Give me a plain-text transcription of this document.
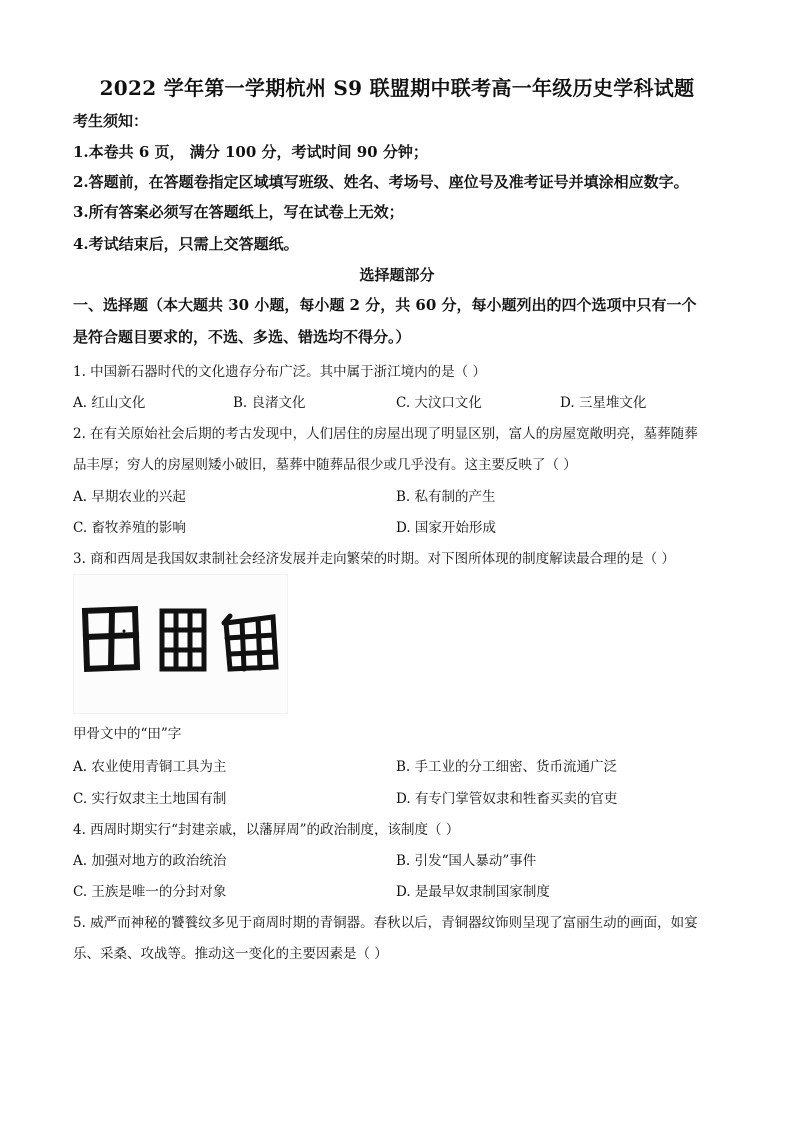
2022 学年第一学期杭州 S9 联盟期中联考高一年级历史学科试题
考生须知：
1.本卷共 6 页， 满分 100 分，考试时间 90 分钟；
2.答题前，在答题卷指定区域填写班级、姓名、考场号、座位号及准考证号并填涂相应数字。
3.所有答案必须写在答题纸上，写在试卷上无效；
4.考试结束后，只需上交答题纸。
选择题部分
一、选择题（本大题共 30 小题，每小题 2 分，共 60 分，每小题列出的四个选项中只有一个
是符合题目要求的，不选、多选、错选均不得分。）
1. 中国新石器时代的文化遗存分布广泛。其中属于浙江境内的是（ ）
A. 红山文化	B. 良渚文化	C. 大汶口文化	D. 三星堆文化
2. 在有关原始社会后期的考古发现中，人们居住的房屋出现了明显区别，富人的房屋宽敞明亮，墓葬随葬
品丰厚；穷人的房屋则矮小破旧，墓葬中随葬品很少或几乎没有。这主要反映了（ ）
A. 早期农业的兴起	B. 私有制的产生
C. 畜牧养殖的影响	D. 国家开始形成
3. 商和西周是我国奴隶制社会经济发展并走向繁荣的时期。对下图所体现的制度解读最合理的是（ ）
甲骨文中的“田”字
A. 农业使用青铜工具为主	B. 手工业的分工细密、货币流通广泛
C. 实行奴隶主土地国有制	D. 有专门掌管奴隶和牲畜买卖的官吏
4. 西周时期实行“封建亲戚，以藩屏周”的政治制度，该制度（ ）
A. 加强对地方的政治统治	B. 引发“国人暴动”事件
C. 王族是唯一的分封对象	D. 是最早奴隶制国家制度
5. 威严而神秘的饕餮纹多见于商周时期的青铜器。春秋以后，青铜器纹饰则呈现了富丽生动的画面，如宴
乐、采桑、攻战等。推动这一变化的主要因素是（ ）
